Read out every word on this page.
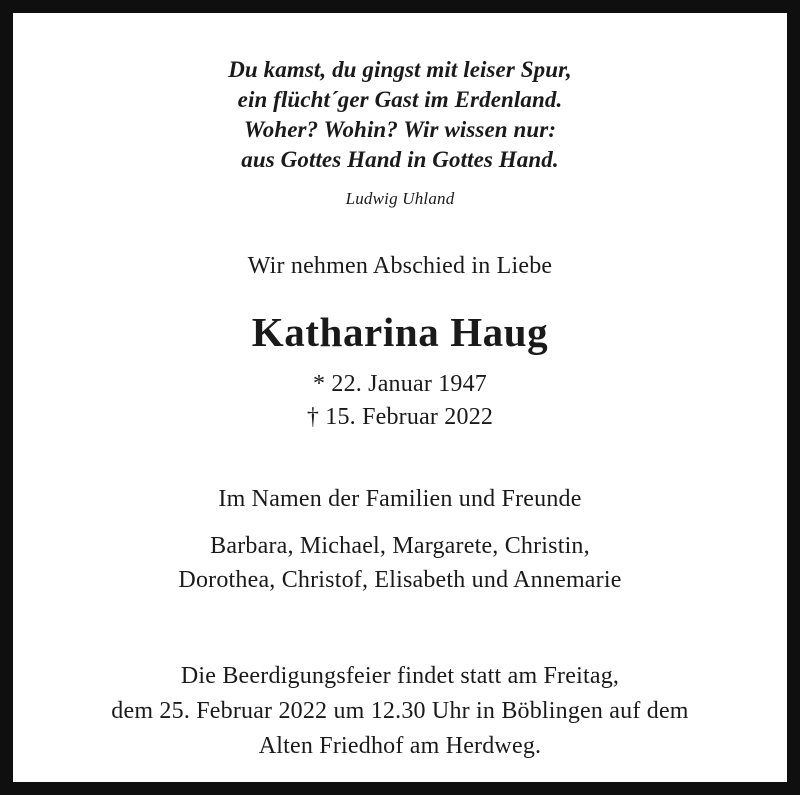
Du kamst, du gingst mit leiser Spur,
ein flücht´ger Gast im Erdenland.
Woher? Wohin? Wir wissen nur:
aus Gottes Hand in Gottes Hand.
Ludwig Uhland
Wir nehmen Abschied in Liebe
Katharina Haug
* 22. Januar 1947
† 15. Februar 2022
Im Namen der Familien und Freunde
Barbara, Michael, Margarete, Christin,
Dorothea, Christof, Elisabeth und Annemarie
Die Beerdigungsfeier findet statt am Freitag,
dem 25. Februar 2022 um 12.30 Uhr in Böblingen auf dem
Alten Friedhof am Herdweg.
